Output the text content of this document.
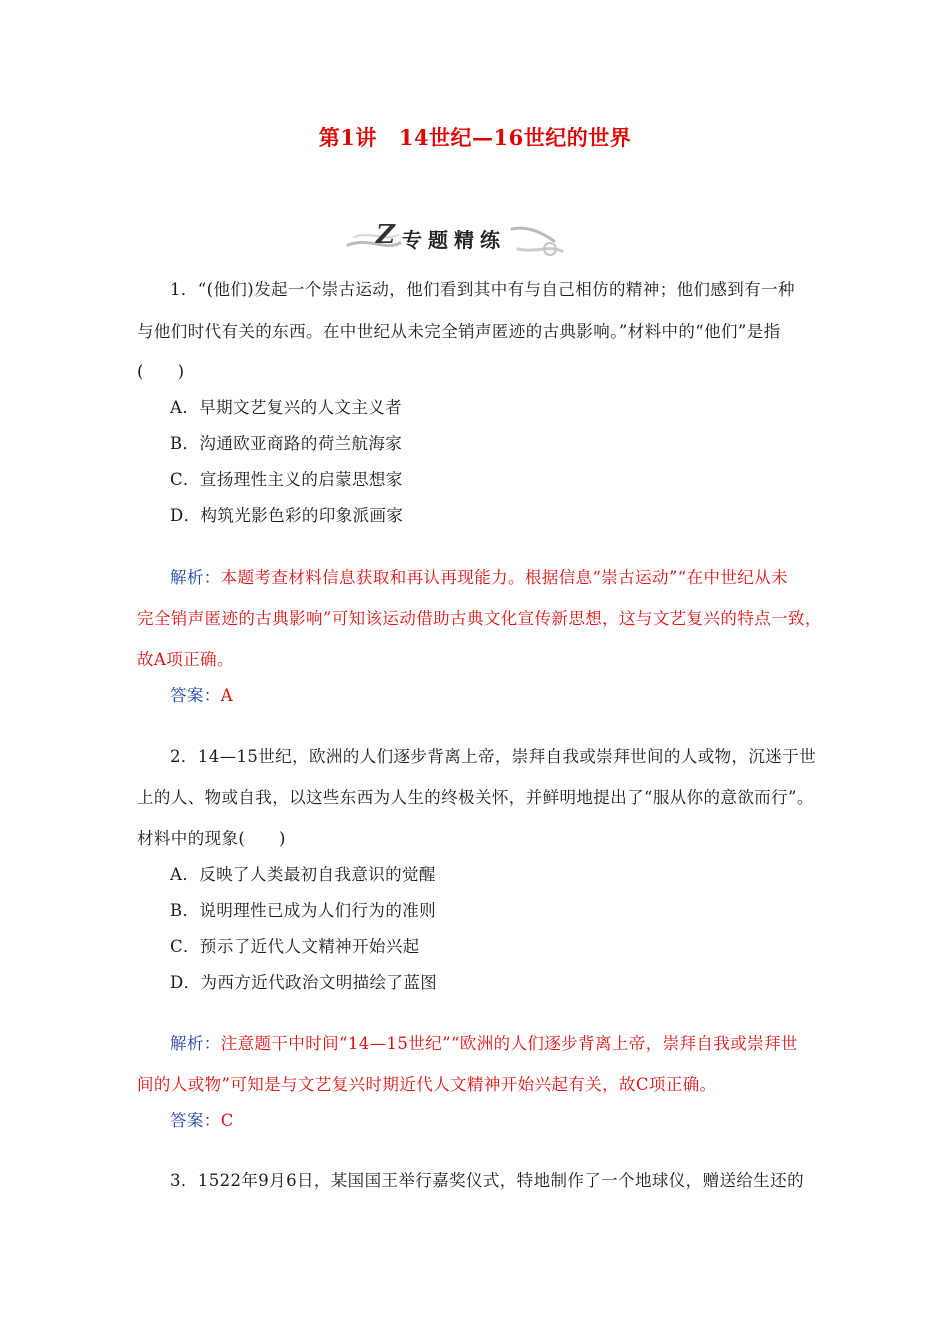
第1讲 14世纪—16世纪的世界
Z 专题精练
1．“(他们)发起一个崇古运动，他们看到其中有与自己相仿的精神；他们感到有一种
与他们时代有关的东西。在中世纪从未完全销声匿迹的古典影响。”材料中的“他们”是指
(　　)
A．早期文艺复兴的人文主义者
B．沟通欧亚商路的荷兰航海家
C．宣扬理性主义的启蒙思想家
D．构筑光影色彩的印象派画家
解析：本题考查材料信息获取和再认再现能力。根据信息“崇古运动”“在中世纪从未
完全销声匿迹的古典影响”可知该运动借助古典文化宣传新思想，这与文艺复兴的特点一致，
故A项正确。
答案：A
2．14—15世纪，欧洲的人们逐步背离上帝，崇拜自我或崇拜世间的人或物，沉迷于世
上的人、物或自我，以这些东西为人生的终极关怀，并鲜明地提出了“服从你的意欲而行”。
材料中的现象(　　)
A．反映了人类最初自我意识的觉醒
B．说明理性已成为人们行为的准则
C．预示了近代人文精神开始兴起
D．为西方近代政治文明描绘了蓝图
解析：注意题干中时间“14—15世纪”“欧洲的人们逐步背离上帝，崇拜自我或崇拜世
间的人或物”可知是与文艺复兴时期近代人文精神开始兴起有关，故C项正确。
答案：C
3．1522年9月6日，某国国王举行嘉奖仪式，特地制作了一个地球仪，赠送给生还的
